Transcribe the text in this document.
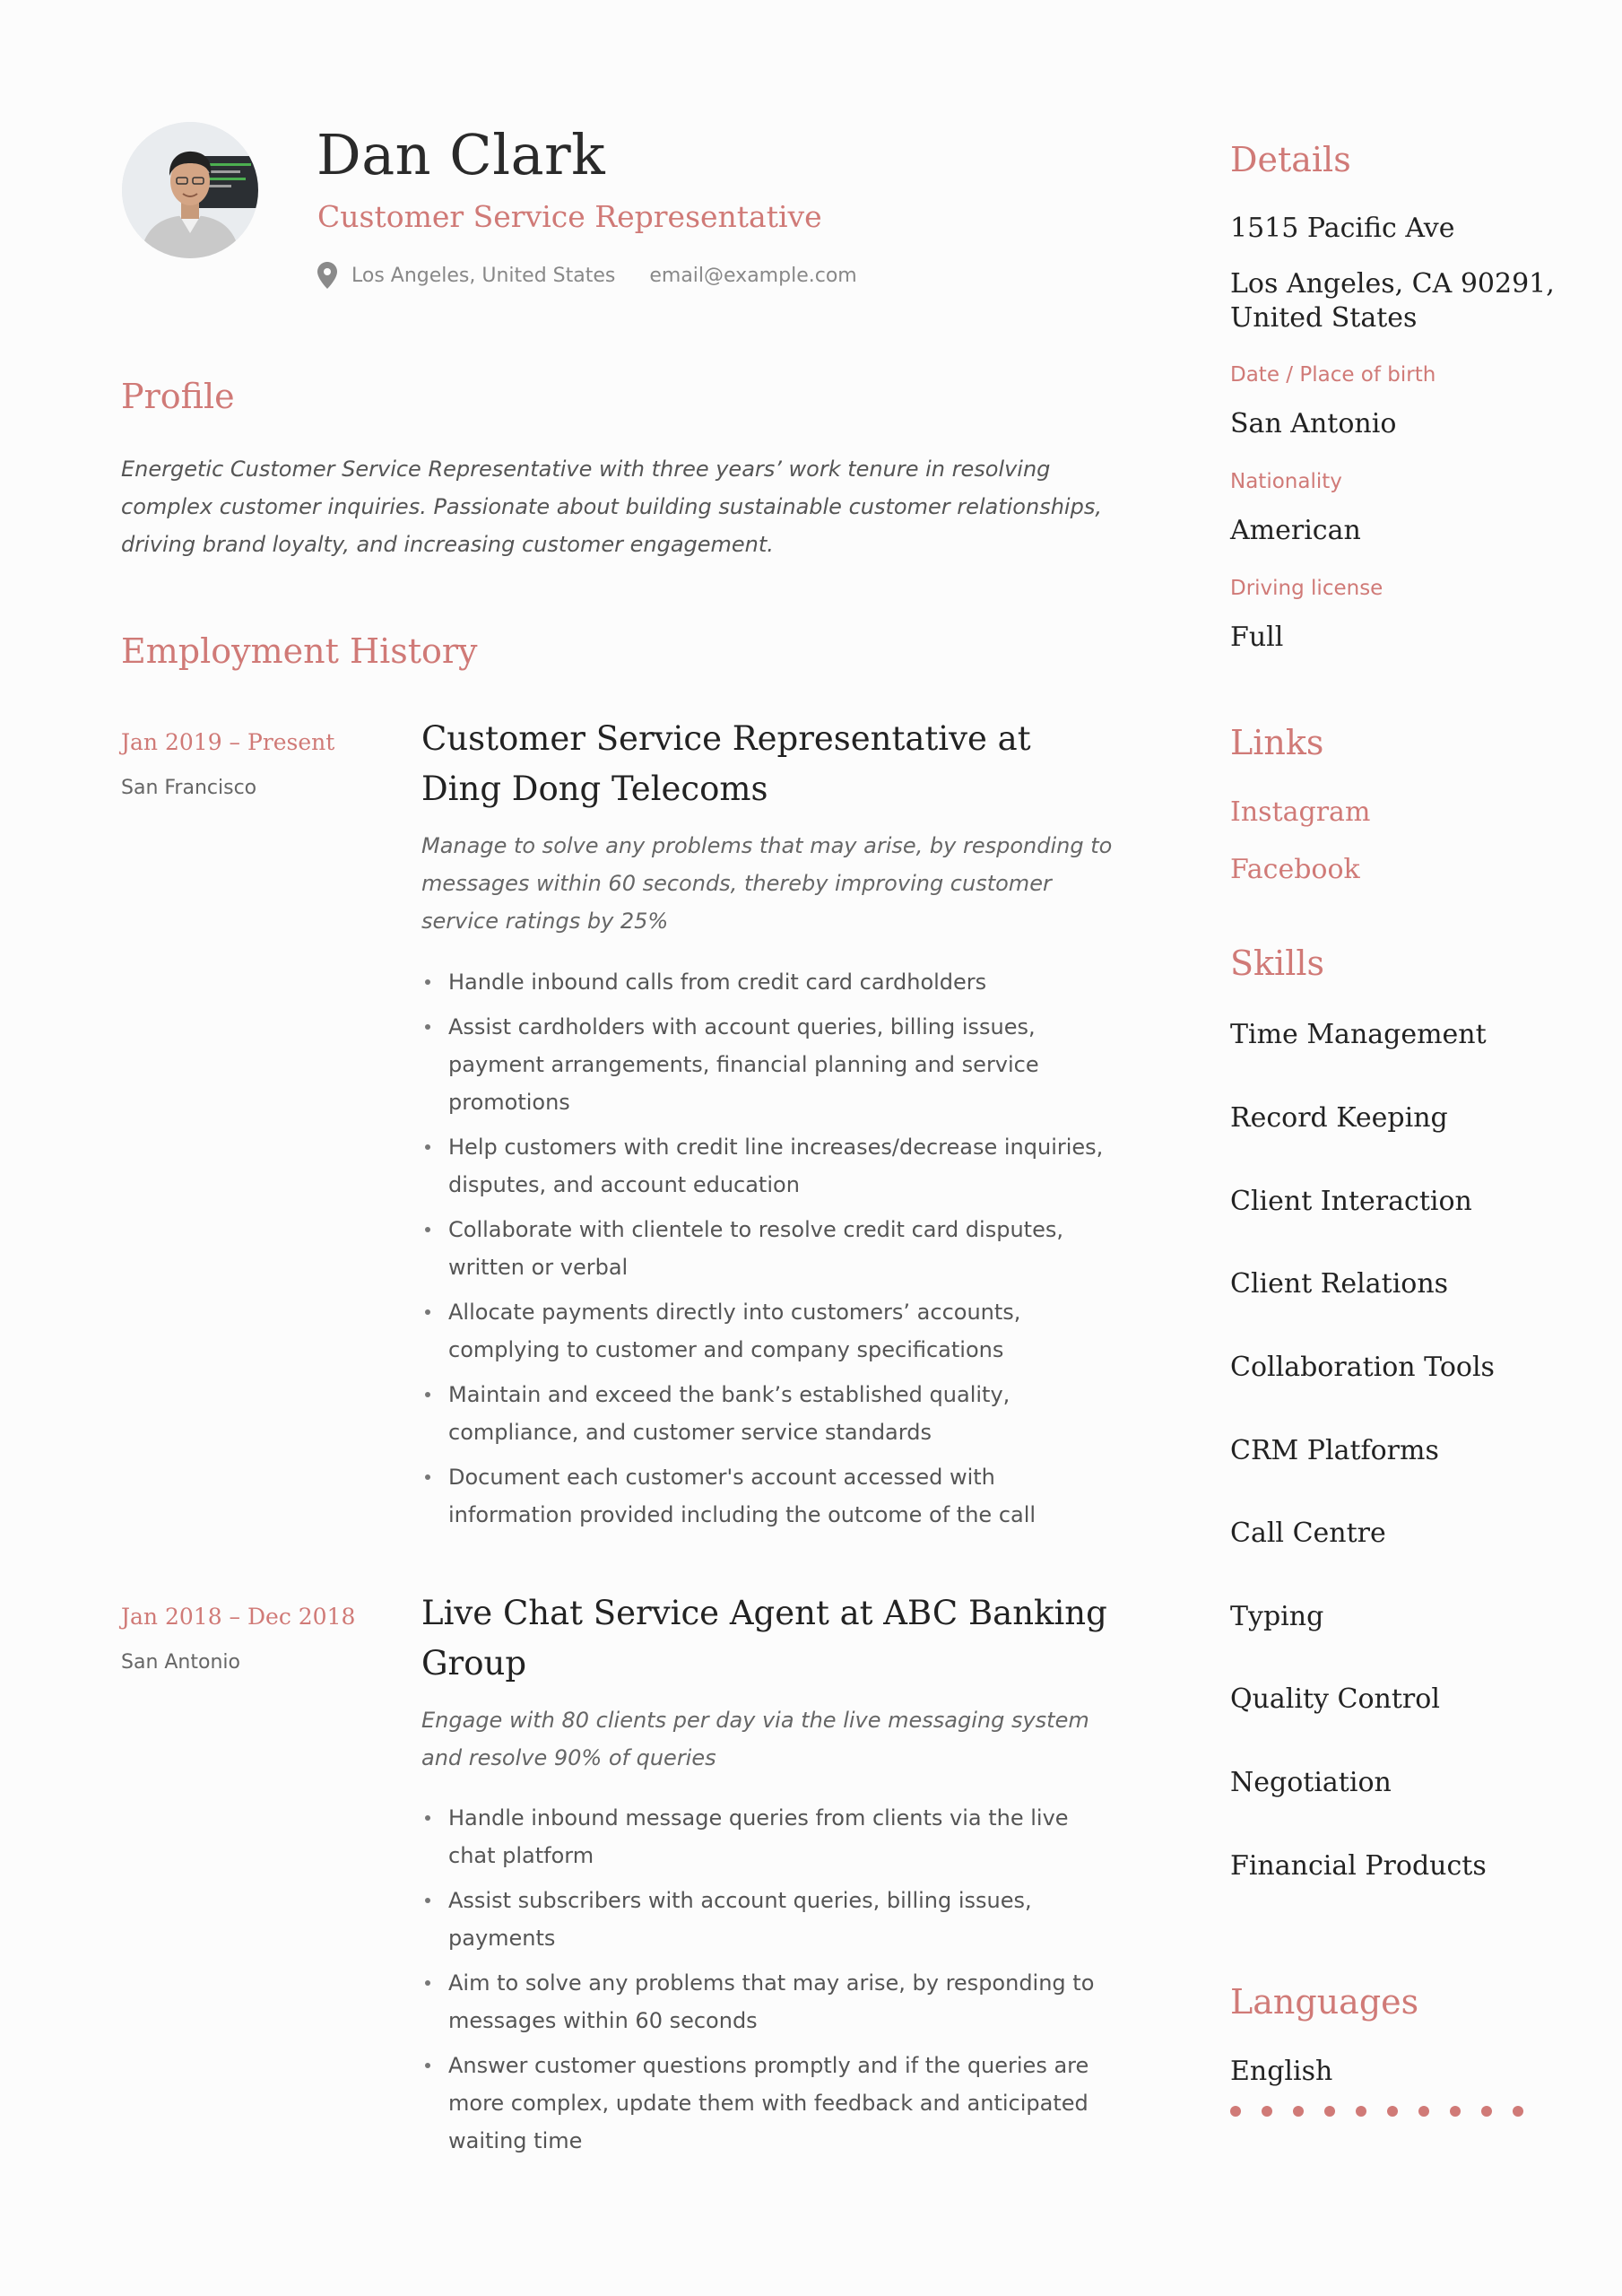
Dan Clark
Customer Service Representative
Los Angeles, United States email@example.com
Profile
Energetic Customer Service Representative with three years’ work tenure in resolving complex customer inquiries. Passionate about building sustainable customer relationships, driving brand loyalty, and increasing customer engagement.
Employment History
Jan 2019 – Present
San Francisco
Customer Service Representative at Ding Dong Telecoms
Manage to solve any problems that may arise, by responding to messages within 60 seconds, thereby improving customer service ratings by 25%
Handle inbound calls from credit card cardholders
Assist cardholders with account queries, billing issues, payment arrangements, financial planning and service promotions
Help customers with credit line increases/decrease inquiries, disputes, and account education
Collaborate with clientele to resolve credit card disputes, written or verbal
Allocate payments directly into customers’ accounts, complying to customer and company specifications
Maintain and exceed the bank’s established quality, compliance, and customer service standards
Document each customer's account accessed with information provided including the outcome of the call
Jan 2018 – Dec 2018
San Antonio
Live Chat Service Agent at ABC Banking Group
Engage with 80 clients per day via the live messaging system and resolve 90% of queries
Handle inbound message queries from clients via the live chat platform
Assist subscribers with account queries, billing issues, payments
Aim to solve any problems that may arise, by responding to messages within 60 seconds
Answer customer questions promptly and if the queries are more complex, update them with feedback and anticipated waiting time
Details
1515 Pacific Ave
Los Angeles, CA 90291,
United States
Date / Place of birth
San Antonio
Nationality
American
Driving license
Full
Links
Instagram
Facebook
Skills
Time Management
Record Keeping
Client Interaction
Client Relations
Collaboration Tools
CRM Platforms
Call Centre
Typing
Quality Control
Negotiation
Financial Products
Languages
English
